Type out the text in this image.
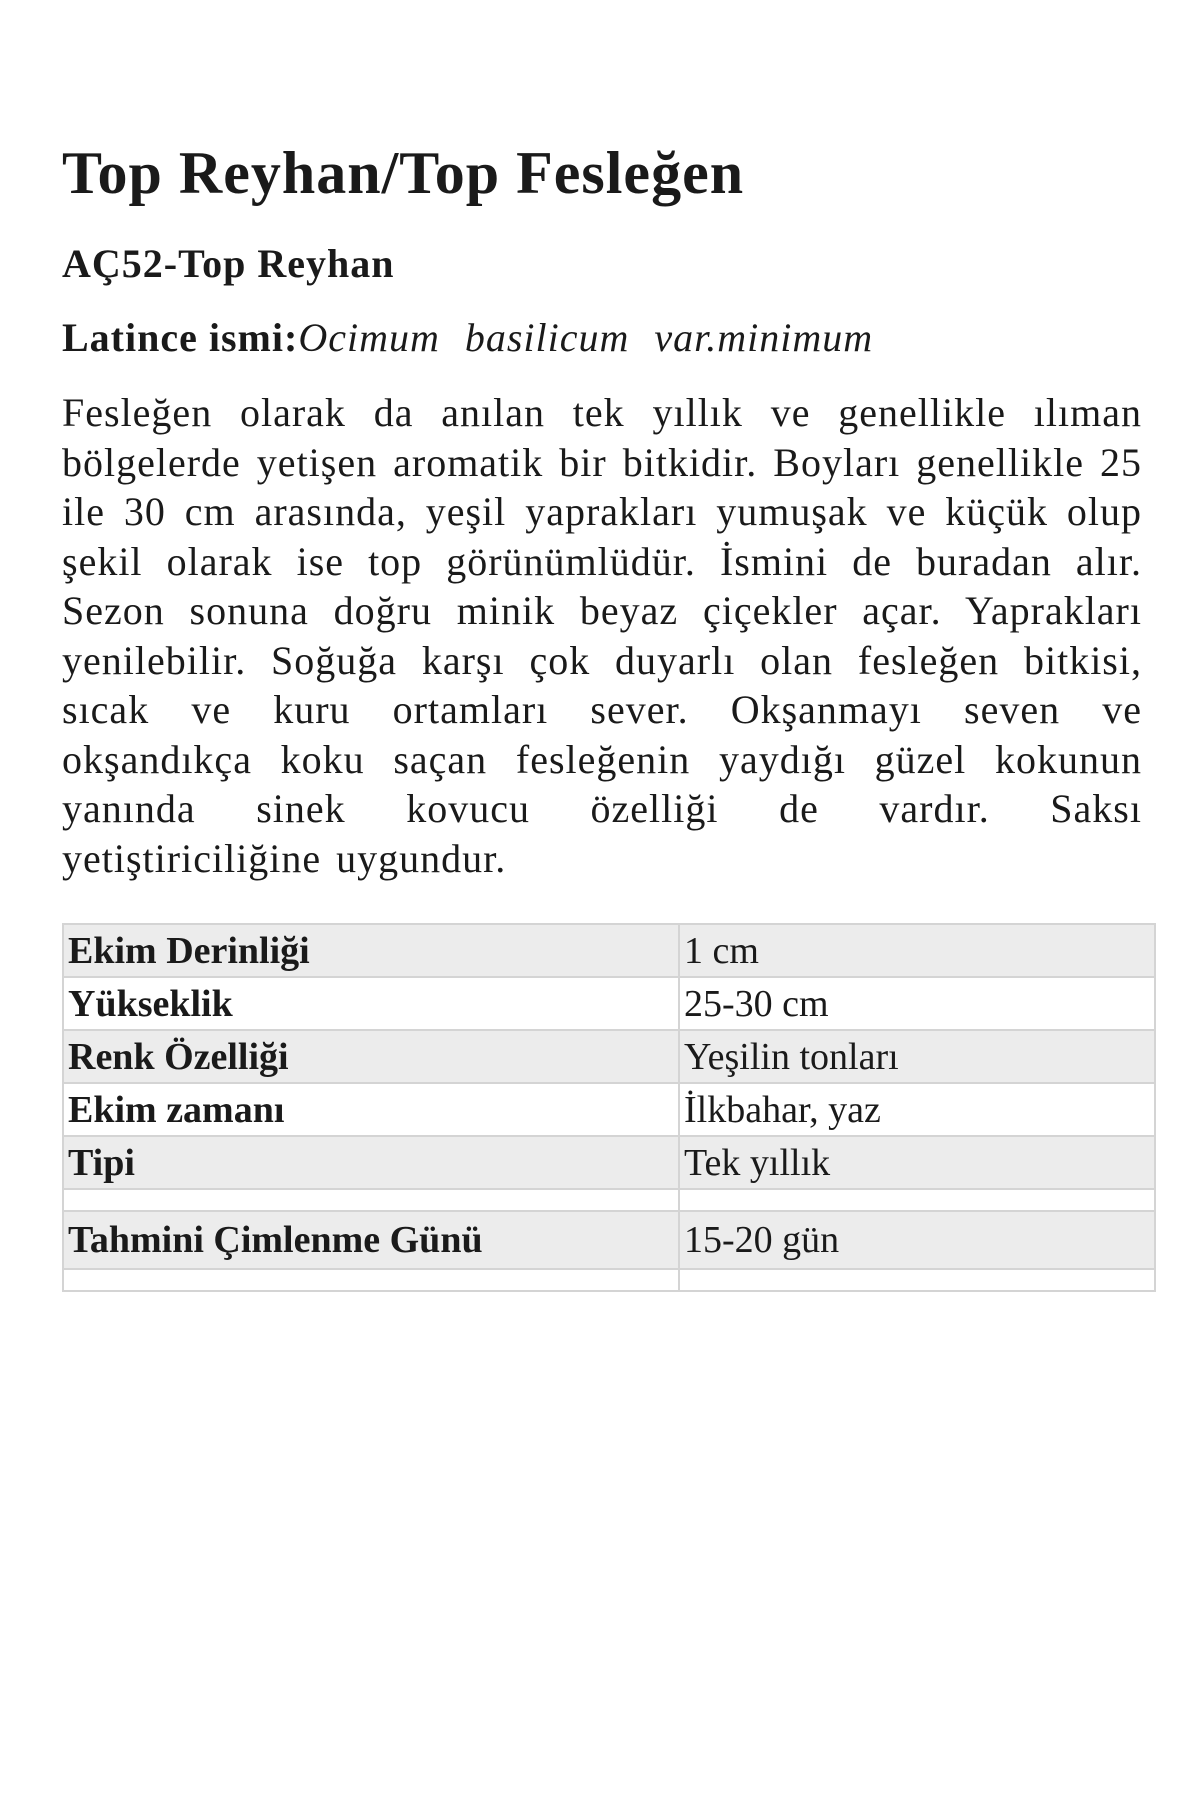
Top Reyhan/Top Fesleğen
AÇ52-Top Reyhan

Latince ismi:Ocimum basilicum var.minimum

Fesleğen olarak da anılan tek yıllık ve genellikle ılıman bölgelerde yetişen aromatik bir bitkidir. Boyları genellikle 25 ile 30 cm arasında, yeşil yaprakları yumuşak ve küçük olup şekil olarak ise top görünümlüdür. İsmini de buradan alır. Sezon sonuna doğru minik beyaz çiçekler açar. Yaprakları yenilebilir. Soğuğa karşı çok duyarlı olan fesleğen bitkisi, sıcak ve kuru ortamları sever. Okşanmayı seven ve okşandıkça koku saçan fesleğenin yaydığı güzel kokunun yanında sinek kovucu özelliği de vardır. Saksı yetiştiriciliğine uygundur.

Ekim Derinliği	1 cm
Yükseklik	25-30 cm
Renk Özelliği	Yeşilin tonları
Ekim zamanı	İlkbahar, yaz
Tipi	Tek yıllık

Tahmini Çimlenme Günü	15-20 gün
